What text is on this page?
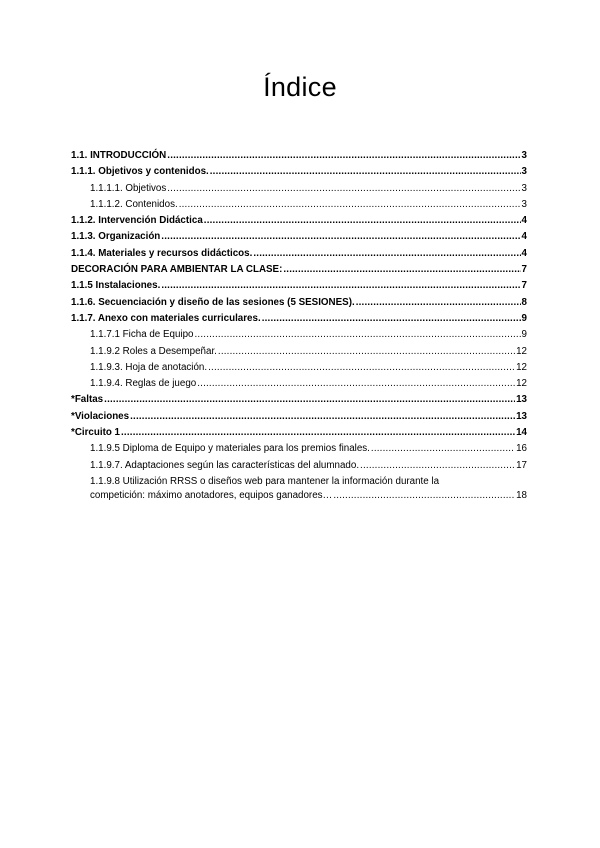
Índice
1.1. INTRODUCCIÓN .....	3
1.1.1. Objetivos y contenidos. .....	3
1.1.1.1. Objetivos .....	3
1.1.1.2. Contenidos. .....	3
1.1.2. Intervención Didáctica .....	4
1.1.3. Organización .....	4
1.1.4. Materiales y recursos didácticos. .....	4
DECORACIÓN PARA AMBIENTAR LA CLASE: .....	7
1.1.5 Instalaciones. .....	7
1.1.6. Secuenciación y diseño de las sesiones (5 SESIONES). .....	8
1.1.7. Anexo con materiales curriculares. .....	9
1.1.7.1 Ficha de Equipo .....	9
1.1.9.2 Roles a Desempeñar. .....	12
1.1.9.3. Hoja de anotación. .....	12
1.1.9.4. Reglas de juego .....	12
*Faltas .....	13
*Violaciones .....	13
*Circuito 1 .....	14
1.1.9.5 Diploma de Equipo y materiales para los premios finales. .....	16
1.1.9.7. Adaptaciones según las características del alumnado. .....	17
1.1.9.8 Utilización RRSS o diseños web para mantener la información durante la
competición: máximo anotadores, equipos ganadores… .....	18
